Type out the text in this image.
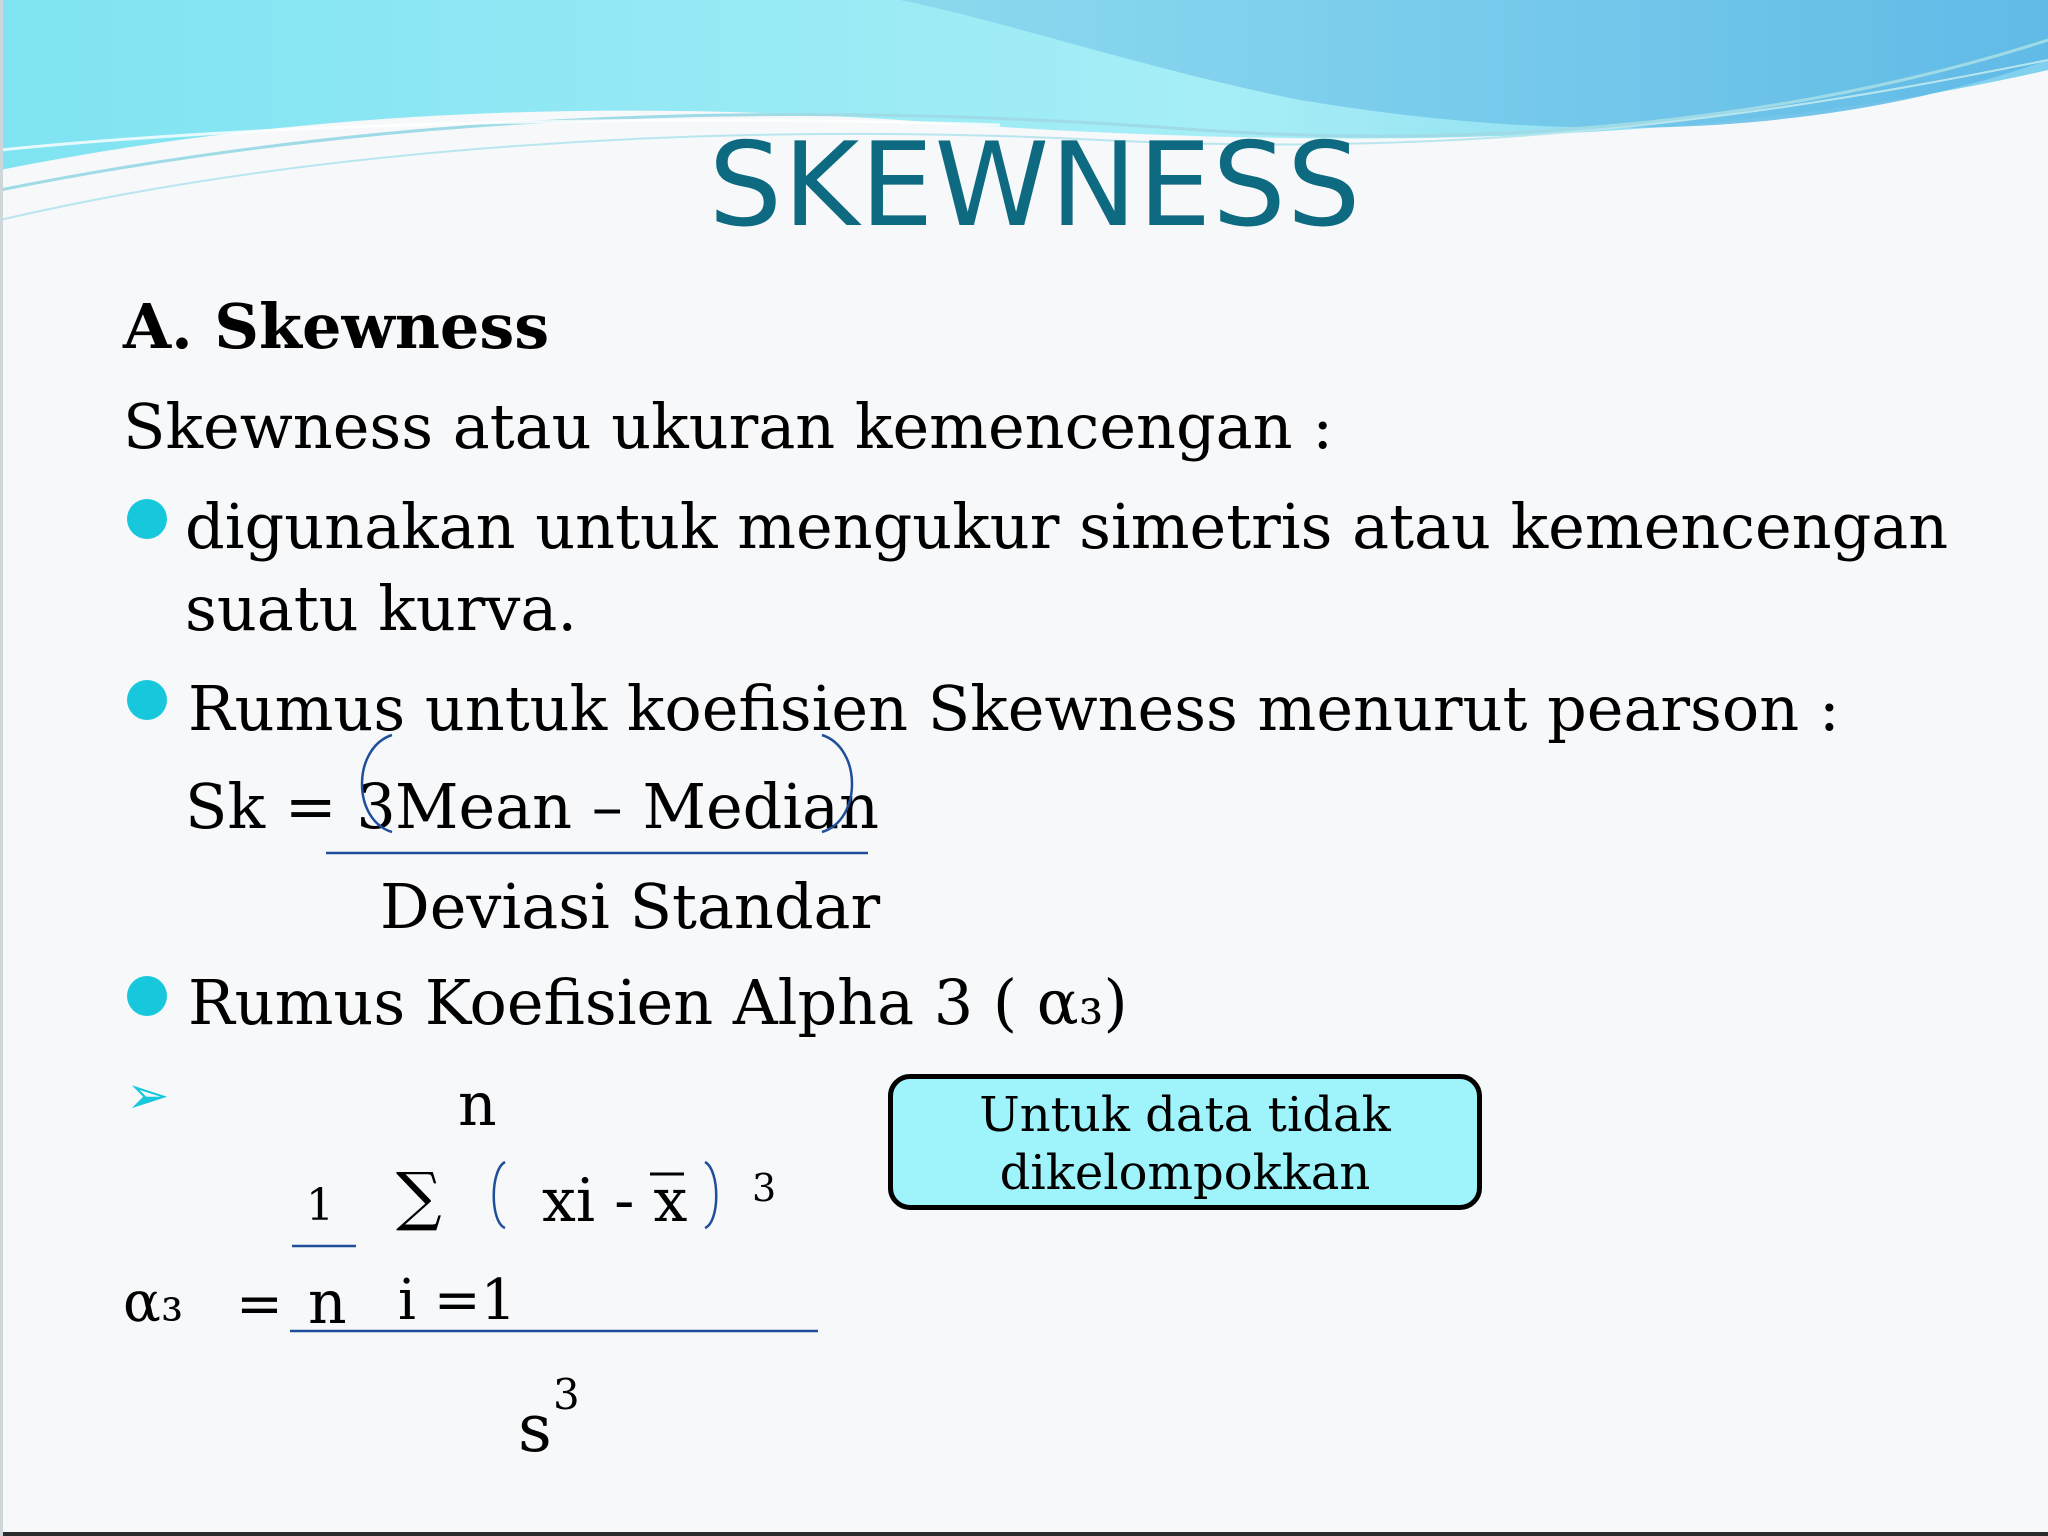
SKEWNESS
A. Skewness
Skewness atau ukuran kemencengan :
digunakan untuk mengukur simetris atau kemencengan
suatu kurva.
Rumus untuk koefisien Skewness menurut pearson :
Sk = 3 Mean – Median
Deviasi Standar
Rumus Koefisien Alpha 3 ( α₃)
➢	n
1 ∑ xi - x 3
α₃ = n i =1
s 3
Untuk data tidak
dikelompokkan
